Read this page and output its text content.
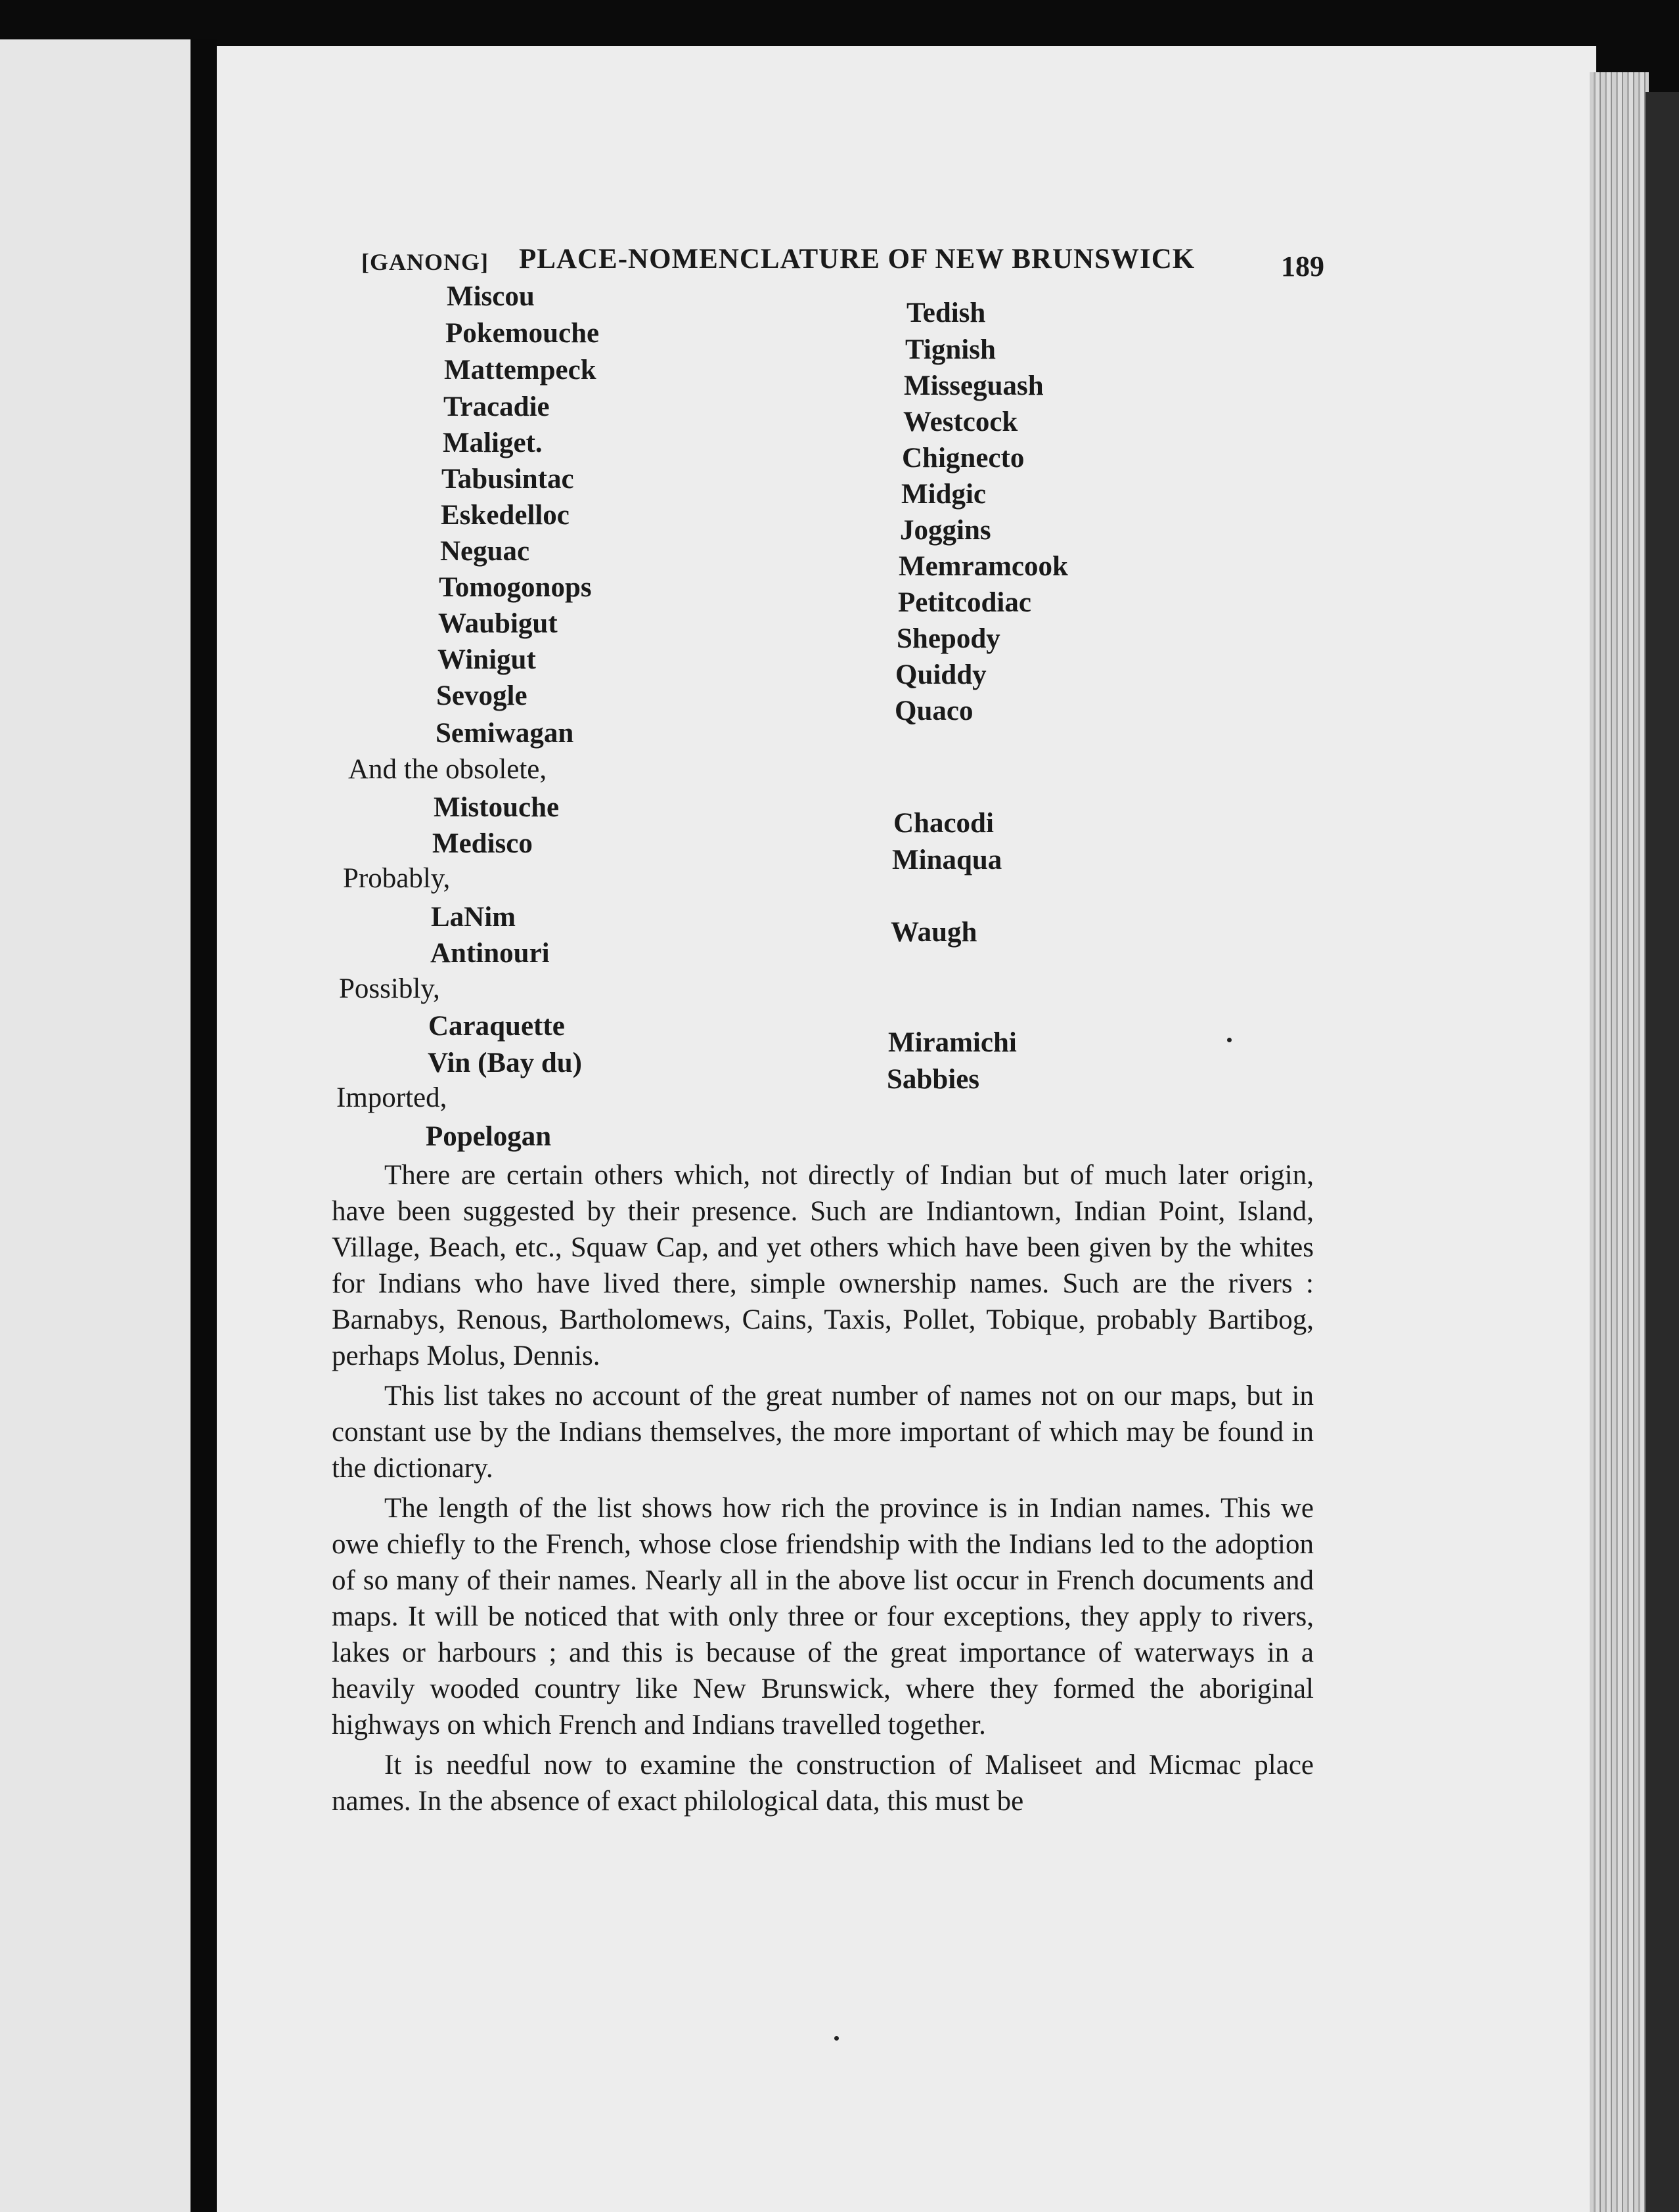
[GANONG] PLACE-NOMENCLATURE OF NEW BRUNSWICK	189
Miscou
Pokemouche
Mattempeck
Tracadie
Maliget.
Tabusintac
Eskedelloc
Neguac
Tomogonops
Waubigut
Winigut
Sevogle
Semiwagan
Tedish
Tignish
Misseguash
Westcock
Chignecto
Midgic
Joggins
Memramcook
Petitcodiac
Shepody
Quiddy
Quaco
And the obsolete,
Mistouche
Medisco
Chacodi
Minaqua
Probably,
LaNim
Antinouri
Waugh
Possibly,
Caraquette
Vin (Bay du)
Miramichi
Sabbies
Imported,
Popelogan

There are certain others which, not directly of Indian but of much later origin, have been suggested by their presence. Such are Indiantown, Indian Point, Island, Village, Beach, etc., Squaw Cap, and yet others which have been given by the whites for Indians who have lived there, simple ownership names. Such are the rivers : Barnabys, Renous, Bartholomews, Cains, Taxis, Pollet, Tobique, probably Bartibog, perhaps Molus, Dennis.

This list takes no account of the great number of names not on our maps, but in constant use by the Indians themselves, the more important of which may be found in the dictionary.

The length of the list shows how rich the province is in Indian names. This we owe chiefly to the French, whose close friendship with the Indians led to the adoption of so many of their names. Nearly all in the above list occur in French documents and maps. It will be noticed that with only three or four exceptions, they apply to rivers, lakes or harbours ; and this is because of the great importance of waterways in a heavily wooded country like New Brunswick, where they formed the aboriginal highways on which French and Indians travelled together.

It is needful now to examine the construction of Maliseet and Micmac place names. In the absence of exact philological data, this must be
